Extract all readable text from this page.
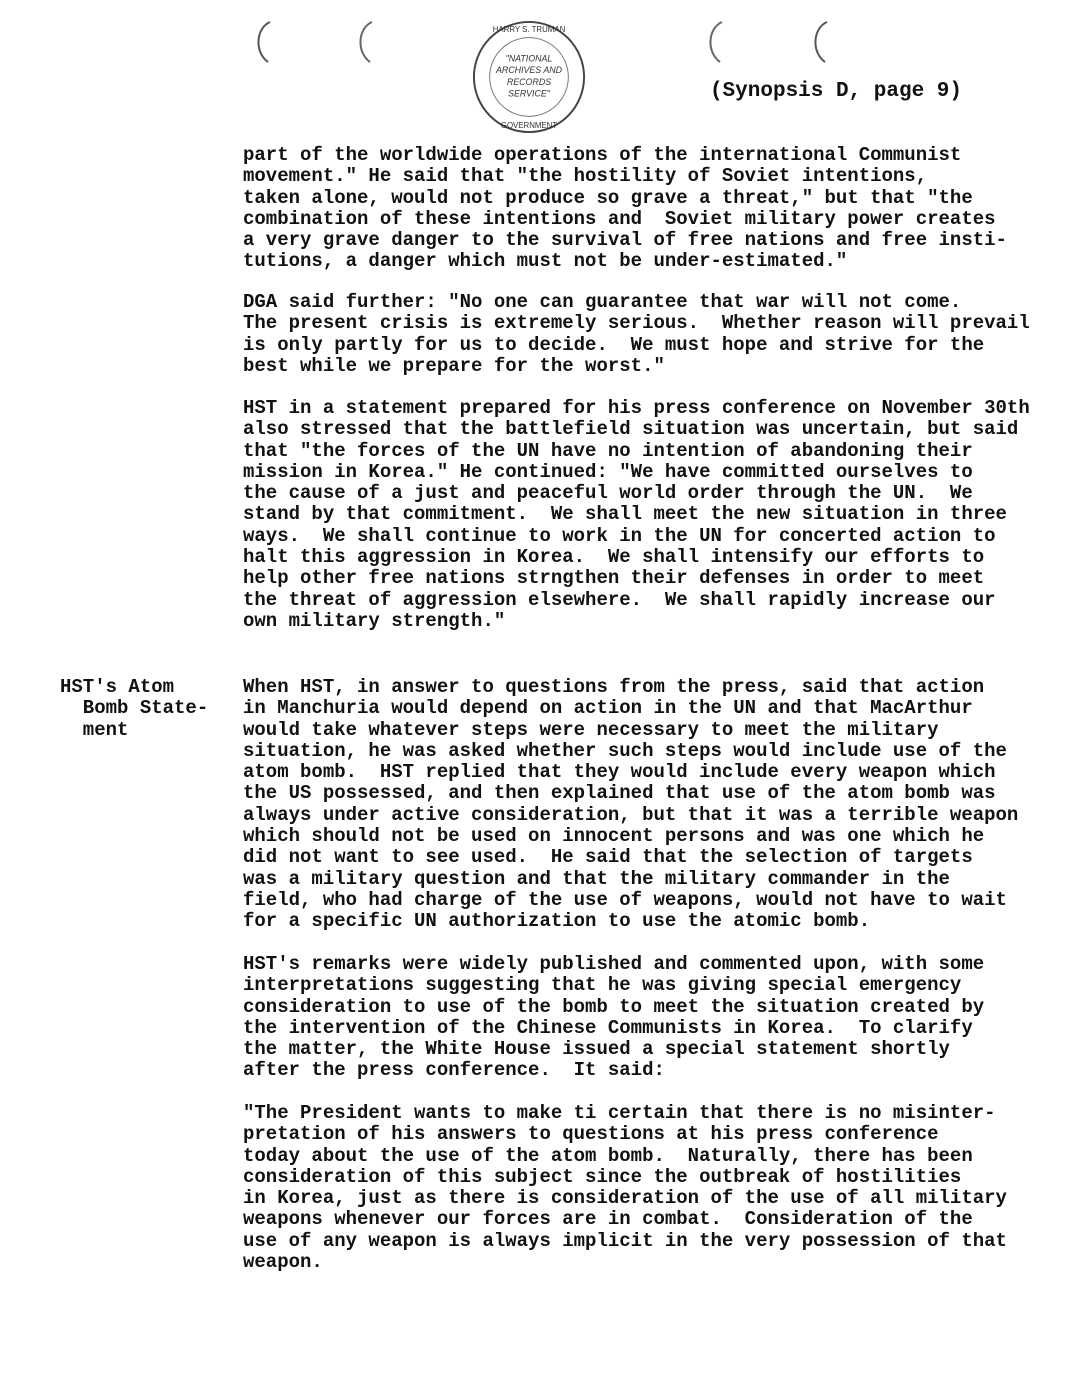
"NATIONAL
ARCHIVES AND
RECORDS
SERVICE"
HARRY S. TRUMAN
GOVERNMENT
(Synopsis D, page 9)
HST's Atom
Bomb State-
ment
part of the worldwide operations of the international Communist
movement." He said that "the hostility of Soviet intentions,
taken alone, would not produce so grave a threat," but that "the
combination of these intentions and  Soviet military power creates
a very grave danger to the survival of free nations and free insti-
tutions, a danger which must not be under-estimated."
DGA said further: "No one can guarantee that war will not come.
The present crisis is extremely serious.  Whether reason will prevail
is only partly for us to decide.  We must hope and strive for the
best while we prepare for the worst."
HST in a statement prepared for his press conference on November 30th
also stressed that the battlefield situation was uncertain, but said
that "the forces of the UN have no intention of abandoning their
mission in Korea." He continued: "We have committed ourselves to
the cause of a just and peaceful world order through the UN.  We
stand by that commitment.  We shall meet the new situation in three
ways.  We shall continue to work in the UN for concerted action to
halt this aggression in Korea.  We shall intensify our efforts to
help other free nations strngthen their defenses in order to meet
the threat of aggression elsewhere.  We shall rapidly increase our
own military strength."
When HST, in answer to questions from the press, said that action
in Manchuria would depend on action in the UN and that MacArthur
would take whatever steps were necessary to meet the military
situation, he was asked whether such steps would include use of the
atom bomb.  HST replied that they would include every weapon which
the US possessed, and then explained that use of the atom bomb was
always under active consideration, but that it was a terrible weapon
which should not be used on innocent persons and was one which he
did not want to see used.  He said that the selection of targets
was a military question and that the military commander in the
field, who had charge of the use of weapons, would not have to wait
for a specific UN authorization to use the atomic bomb.
HST's remarks were widely published and commented upon, with some
interpretations suggesting that he was giving special emergency
consideration to use of the bomb to meet the situation created by
the intervention of the Chinese Communists in Korea.  To clarify
the matter, the White House issued a special statement shortly
after the press conference.  It said:
"The President wants to make ti certain that there is no misinter-
pretation of his answers to questions at his press conference
today about the use of the atom bomb.  Naturally, there has been
consideration of this subject since the outbreak of hostilities
in Korea, just as there is consideration of the use of all military
weapons whenever our forces are in combat.  Consideration of the
use of any weapon is always implicit in the very possession of that
weapon.
